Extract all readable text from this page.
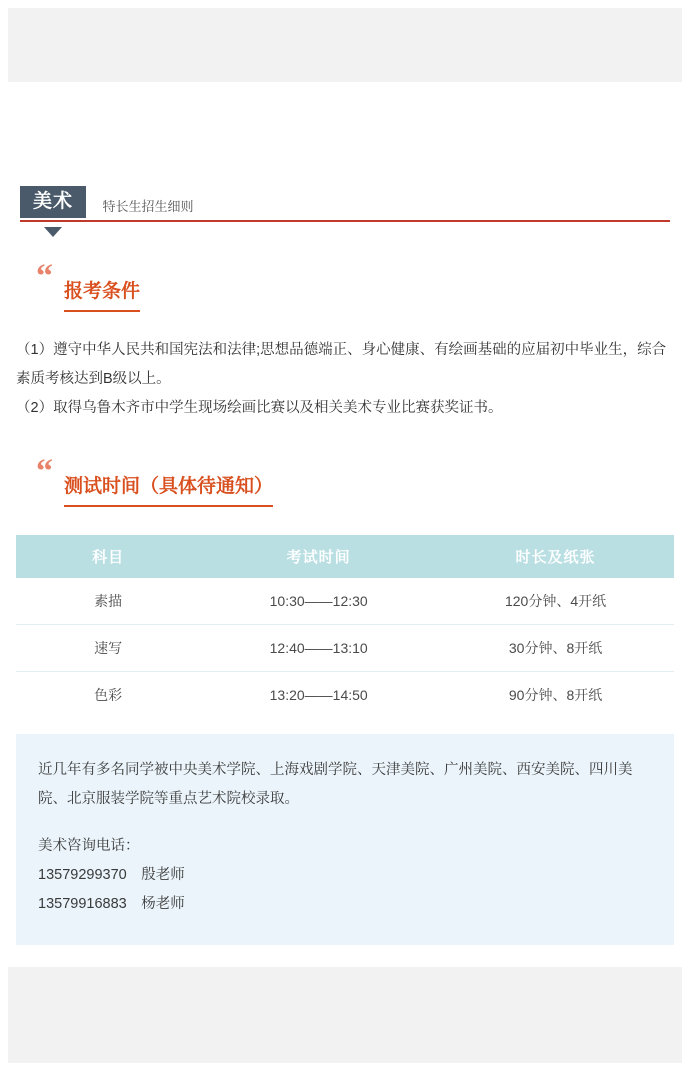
美术 特长生招生细则
“ 报考条件

（1）遵守中华人民共和国宪法和法律;思想品德端正、身心健康、有绘画基础的应届初中毕业生，综合素质考核达到B级以上。

（2）取得乌鲁木齐市中学生现场绘画比赛以及相关美术专业比赛获奖证书。

“ 测试时间（具体待通知）
科目	考试时间	时长及纸张
素描	10:30——12:30	120分钟、4开纸
速写	12:40——13:10	30分钟、8开纸
色彩	13:20——14:50	90分钟、8开纸

近几年有多名同学被中央美术学院、上海戏剧学院、天津美院、广州美院、西安美院、四川美院、北京服装学院等重点艺术院校录取。

美术咨询电话：

13579299370　殷老师

13579916883　杨老师
